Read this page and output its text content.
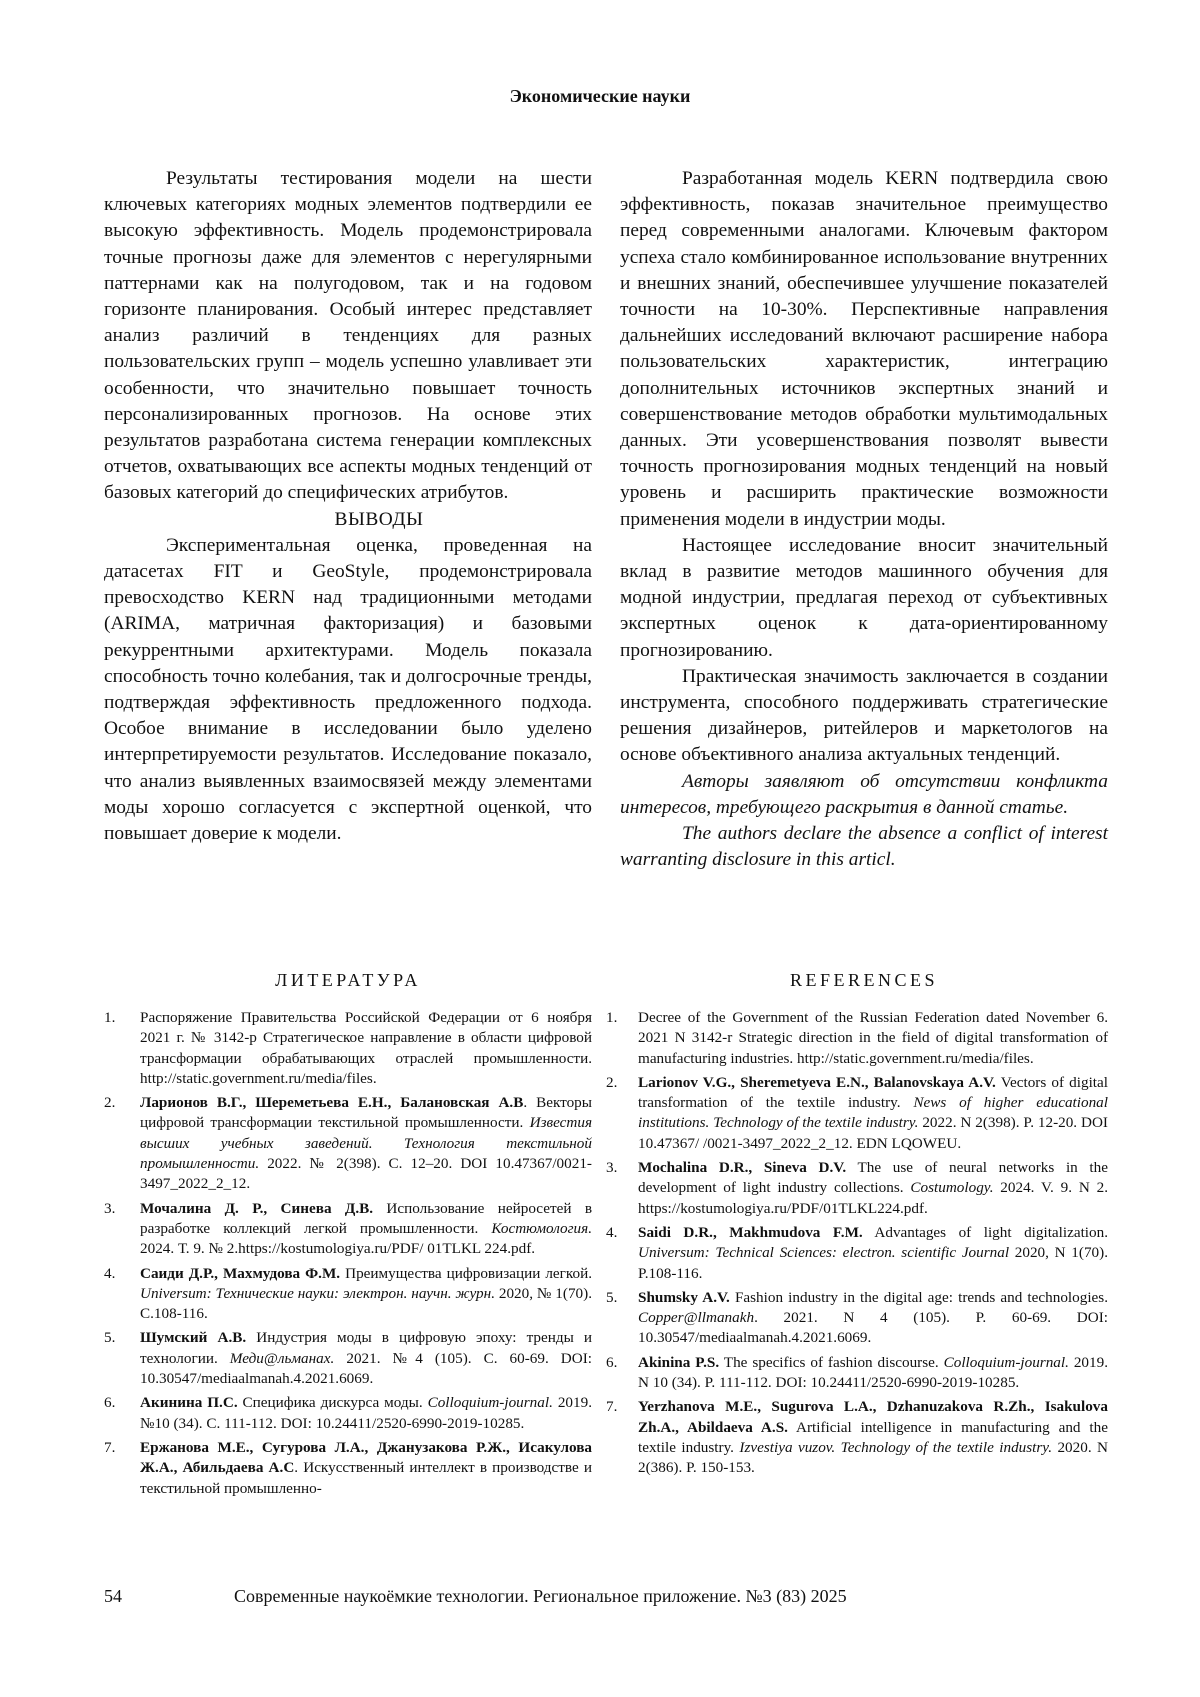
Экономические науки

Результаты тестирования модели на шести ключевых категориях модных элементов подтвердили ее высокую эффективность. Модель продемонстрировала точные прогнозы даже для элементов с нерегулярными паттернами как на полугодовом, так и на годовом горизонте планирования. Особый интерес представляет анализ различий в тенденциях для разных пользовательских групп – модель успешно улавливает эти особенности, что значительно повышает точность персонализированных прогнозов. На основе этих результатов разработана система генерации комплексных отчетов, охватывающих все аспекты модных тенденций от базовых категорий до специфических атрибутов.

ВЫВОДЫ

Экспериментальная оценка, проведенная на датасетах FIT и GeoStyle, продемонстрировала превосходство KERN над традиционными методами (ARIMA, матричная факторизация) и базовыми рекуррентными архитектурами. Модель показала способность точно колебания, так и долгосрочные тренды, подтверждая эффективность предложенного подхода. Особое внимание в исследовании было уделено интерпретируемости результатов. Исследование показало, что анализ выявленных взаимосвязей между элементами моды хорошо согласуется с экспертной оценкой, что повышает доверие к модели.

Разработанная модель KERN подтвердила свою эффективность, показав значительное преимущество перед современными аналогами. Ключевым фактором успеха стало комбинированное использование внутренних и внешних знаний, обеспечившее улучшение показателей точности на 10-30%. Перспективные направления дальнейших исследований включают расширение набора пользовательских характеристик, интеграцию дополнительных источников экспертных знаний и совершенствование методов обработки мультимодальных данных. Эти усовершенствования позволят вывести точность прогнозирования модных тенденций на новый уровень и расширить практические возможности применения модели в индустрии моды.

Настоящее исследование вносит значительный вклад в развитие методов машинного обучения для модной индустрии, предлагая переход от субъективных экспертных оценок к дата-ориентированному прогнозированию.

Практическая значимость заключается в создании инструмента, способного поддерживать стратегические решения дизайнеров, ритейлеров и маркетологов на основе объективного анализа актуальных тенденций.

Авторы заявляют об отсутствии конфликта интересов, требующего раскрытия в данной статье.

The authors declare the absence a conflict of interest warranting disclosure in this articl.

ЛИТЕРАТУРА	REFERENCES
1. Распоряжение Правительства Российской Федерации от 6 ноября 2021 г. № 3142-р Стратегическое направление в области цифровой трансформации обрабатывающих отраслей промышленности. http://static.government.ru/media/files.
2. Ларионов В.Г., Шереметьева Е.Н., Балановская А.В. Векторы цифровой трансформации текстильной промышленности. Известия высших учебных заведений. Технология текстильной промышленности. 2022. № 2(398). С. 12–20. DOI 10.47367/0021-3497_2022_2_12.
3. Мочалина Д. Р., Синева Д.В. Использование нейросетей в разработке коллекций легкой промышленности. Костюмология. 2024. Т. 9. № 2.https://kostumologiya.ru/PDF/ 01TLKL 224.pdf.
4. Саиди Д.Р., Махмудова Ф.М. Преимущества цифровизации легкой. Universum: Технические науки: электрон. научн. журн. 2020, № 1(70). С.108-116.
5. Шумский А.В. Индустрия моды в цифровую эпоху: тренды и технологии. Меди@льманах. 2021. №4 (105). С. 60-69. DOI: 10.30547/mediaalmanah.4.2021.6069.
6. Акинина П.С. Специфика дискурса моды. Colloquium-journal. 2019. №10 (34). С. 111-112. DOI: 10.24411/2520-6990-2019-10285.
7. Ержанова М.Е., Сугурова Л.А., Джанузакова Р.Ж., Исакулова Ж.А., Абильдаева А.С. Искусственный интеллект в производстве и текстильной промышленно-
1. Decree of the Government of the Russian Federation dated November 6. 2021 N 3142-r Strategic direction in the field of digital transformation of manufacturing industries. http://static.government.ru/media/files.
2. Larionov V.G., Sheremetyeva E.N., Balanovskaya A.V. Vectors of digital transformation of the textile industry. News of higher educational institutions. Technology of the textile industry. 2022. N 2(398). P. 12-20. DOI 10.47367/ /0021-3497_2022_2_12. EDN LQOWEU.
3. Mochalina D.R., Sineva D.V. The use of neural networks in the development of light industry collections. Costumology. 2024. V. 9. N 2. https://kostumologiya.ru/PDF/01TLKL224.pdf.
4. Saidi D.R., Makhmudova F.M. Advantages of light digitalization. Universum: Technical Sciences: electron. scientific Journal 2020, N 1(70). P.108-116.
5. Shumsky A.V. Fashion industry in the digital age: trends and technologies. Copper@llmanakh. 2021. N 4 (105). P. 60-69. DOI: 10.30547/mediaalmanah.4.2021.6069.
6. Akinina P.S. The specifics of fashion discourse. Colloquium-journal. 2019. N 10 (34). P. 111-112. DOI: 10.24411/2520-6990-2019-10285.
7. Yerzhanova M.E., Sugurova L.A., Dzhanuzakova R.Zh., Isakulova Zh.A., Abildaeva A.S. Artificial intelligence in manufacturing and the textile industry. Izvestiya vuzov. Technology of the textile industry. 2020. N 2(386). P. 150-153.
54	Современные наукоёмкие технологии. Региональное приложение. №3 (83) 2025
